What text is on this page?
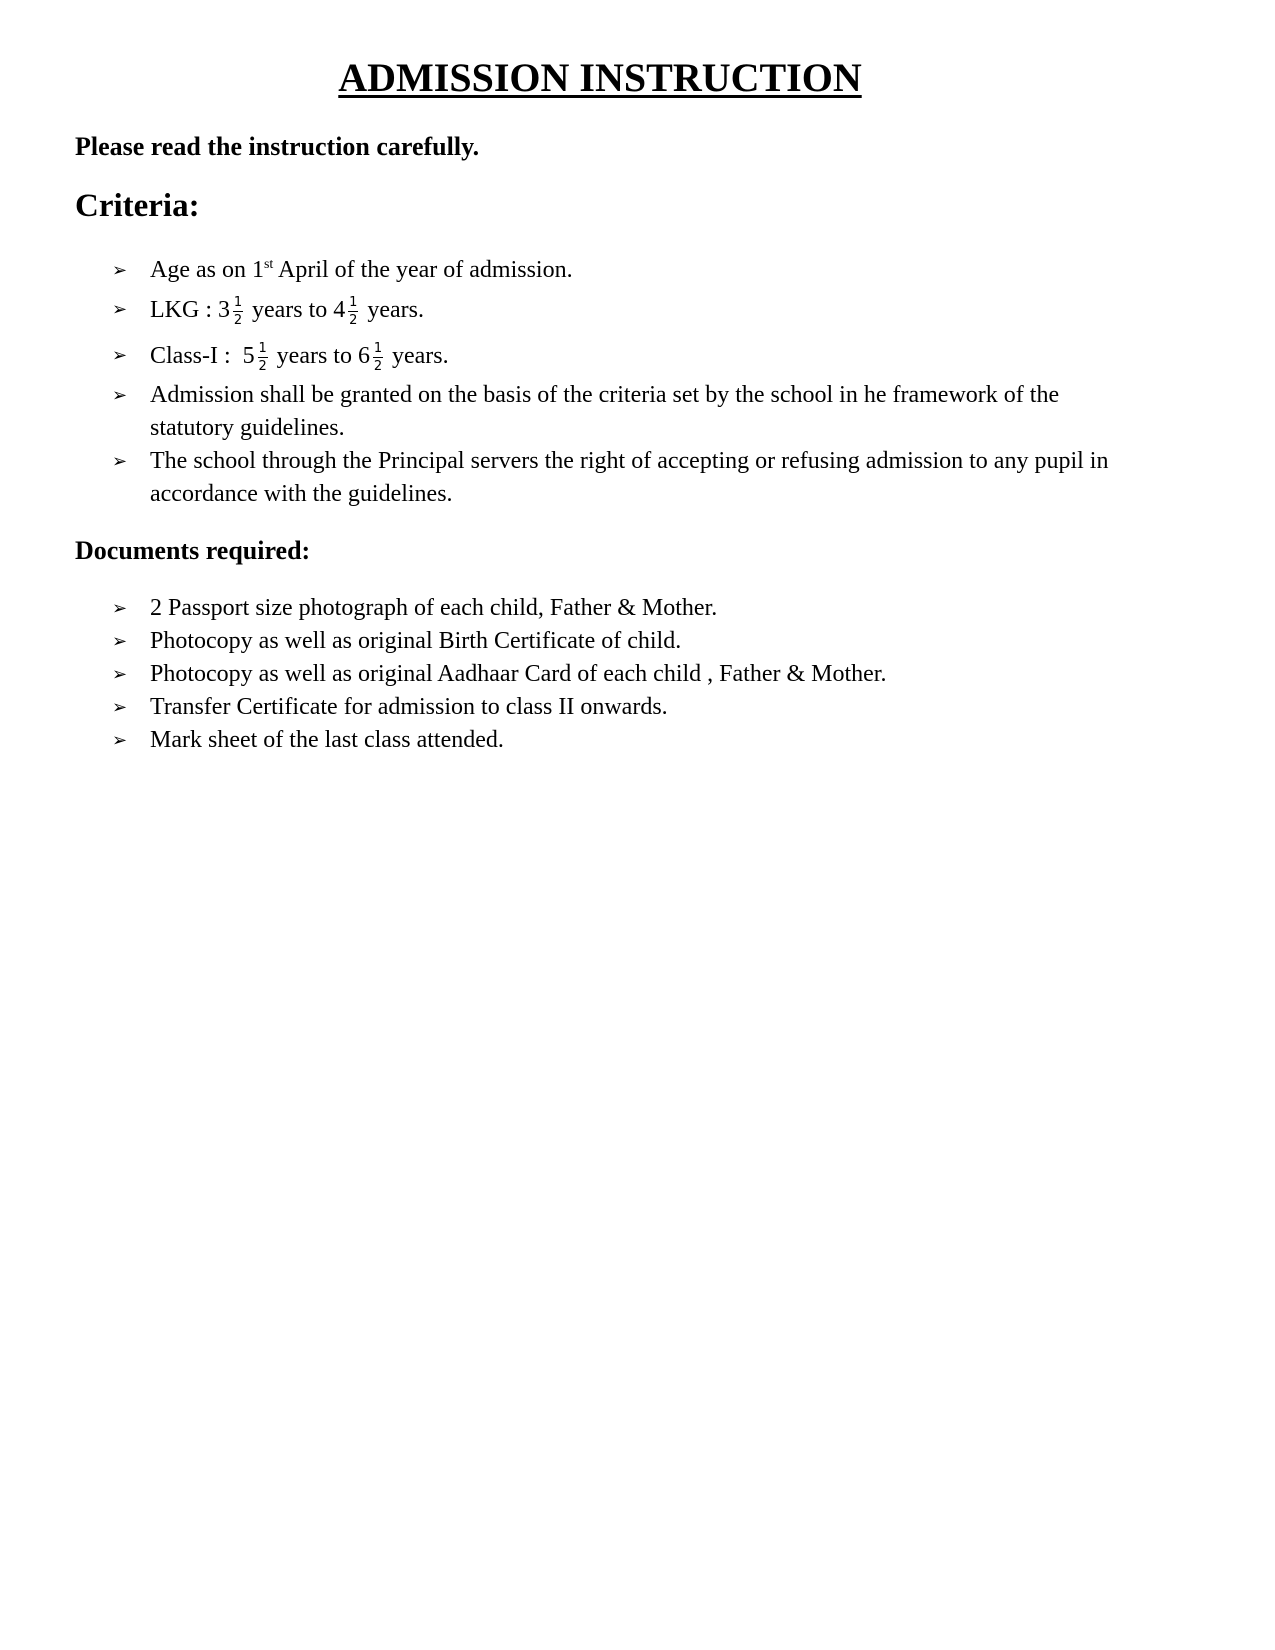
ADMISSION INSTRUCTION

Please read the instruction carefully.

Criteria:
➢ Age as on 1st April of the year of admission.
➢ LKG : $3 \frac{1}{2}$ years to $4 \frac{1}{2}$ years.
➢ Class-I :  $5 \frac{1}{2}$ years to $6 \frac{1}{2}$ years.
➢ Admission shall be granted on the basis of the criteria set by the school in he framework of the statutory guidelines.
➢ The school through the Principal servers the right of accepting or refusing admission to any pupil in accordance with the guidelines.
Documents required:
➢ 2 Passport size photograph of each child, Father & Mother.
➢ Photocopy as well as original Birth Certificate of child.
➢ Photocopy as well as original Aadhaar Card of each child , Father & Mother.
➢ Transfer Certificate for admission to class II onwards.
➢ Mark sheet of the last class attended.
